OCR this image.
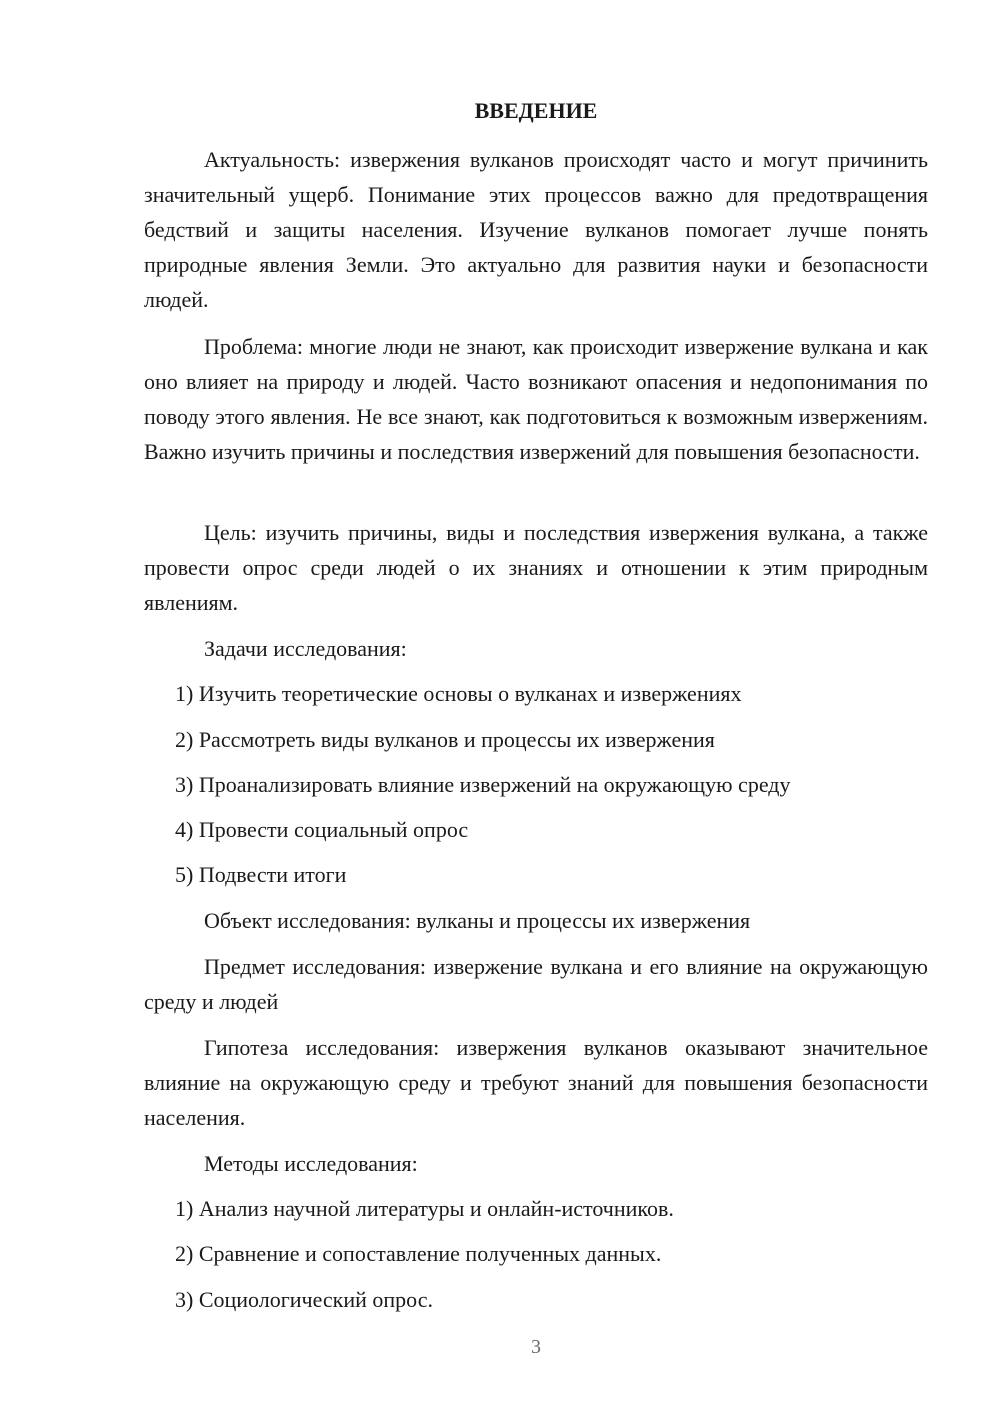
ВВЕДЕНИЕ

Актуальность: извержения вулканов происходят часто и могут причинить значительный ущерб. Понимание этих процессов важно для предотвращения бедствий и защиты населения. Изучение вулканов помогает лучше понять природные явления Земли. Это актуально для развития науки и безопасности людей.

Проблема: многие люди не знают, как происходит извержение вулкана и как оно влияет на природу и людей. Часто возникают опасения и недопонимания по поводу этого явления. Не все знают, как подготовиться к возможным извержениям. Важно изучить причины и последствия извержений для повышения безопасности.

Цель: изучить причины, виды и последствия извержения вулкана, а также провести опрос среди людей о их знаниях и отношении к этим природным явлениям.

Задачи исследования:

1) Изучить теоретические основы о вулканах и извержениях

2) Рассмотреть виды вулканов и процессы их извержения

3) Проанализировать влияние извержений на окружающую среду

4) Провести социальный опрос

5) Подвести итоги

Объект исследования: вулканы и процессы их извержения

Предмет исследования: извержение вулкана и его влияние на окружающую среду и людей

Гипотеза исследования: извержения вулканов оказывают значительное влияние на окружающую среду и требуют знаний для повышения безопасности населения.

Методы исследования:

1) Анализ научной литературы и онлайн-источников.

2) Сравнение и сопоставление полученных данных.

3) Социологический опрос.

3
